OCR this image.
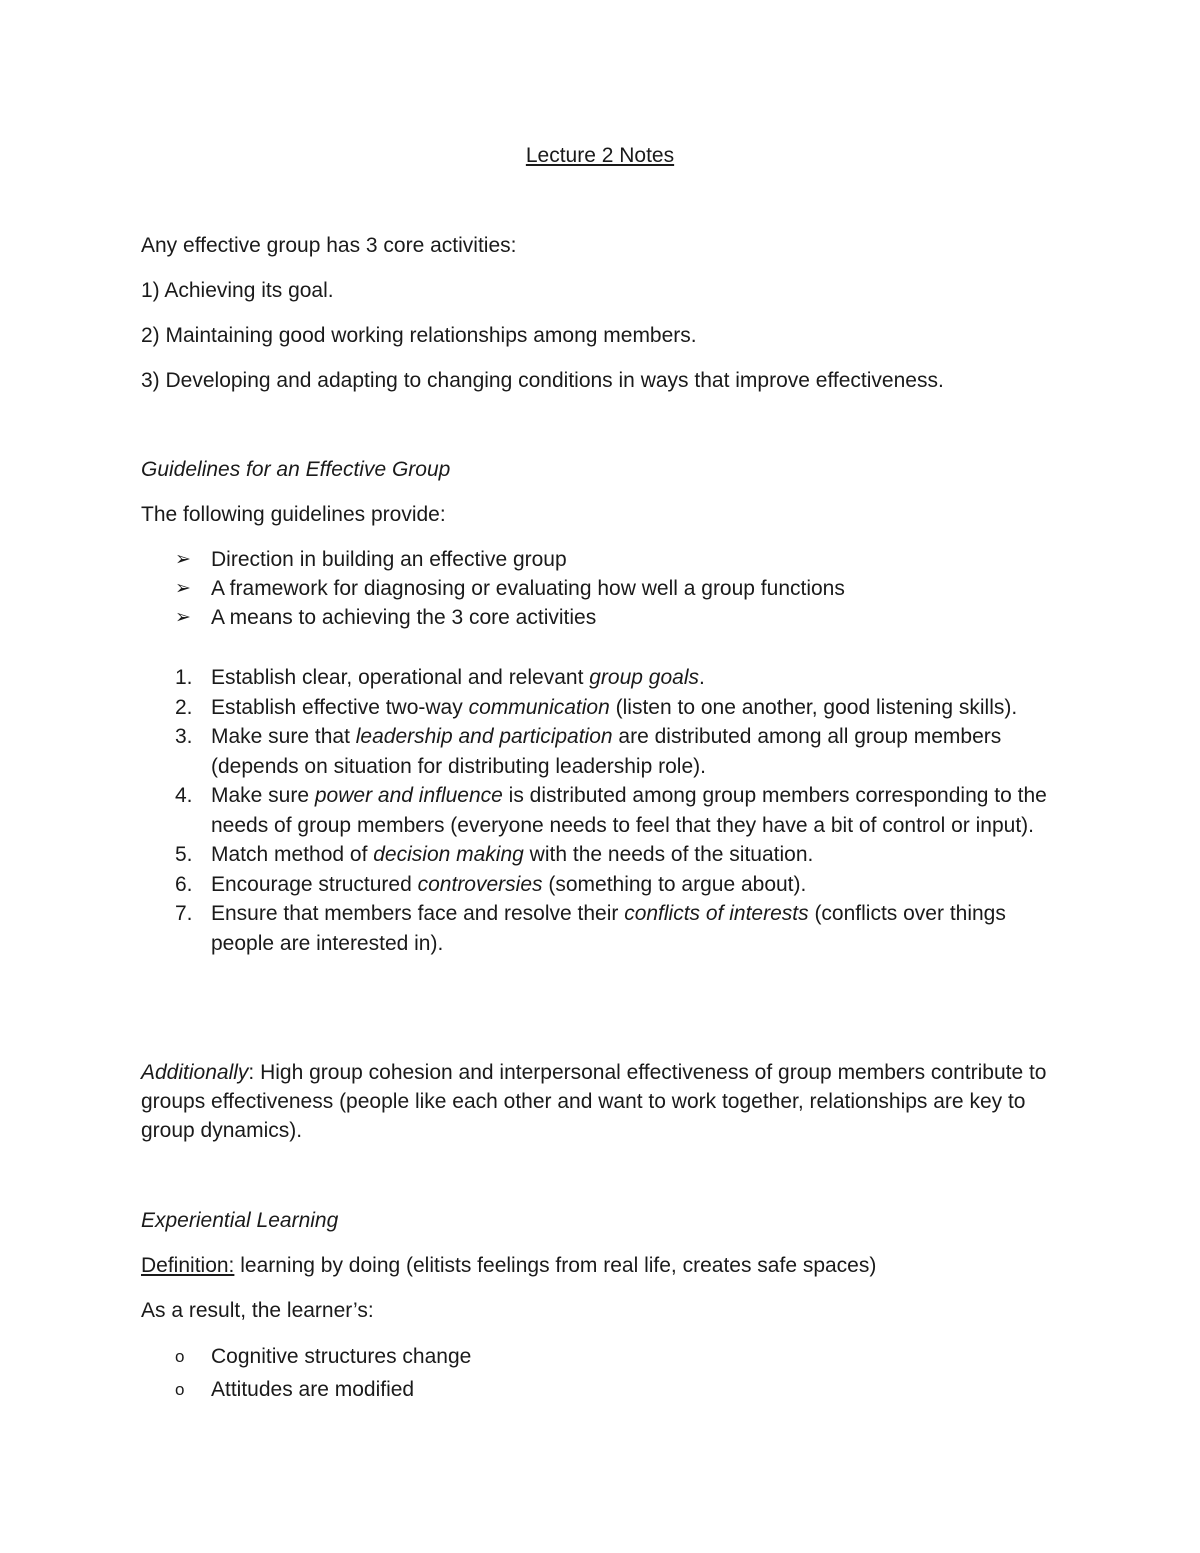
Lecture 2 Notes

Any effective group has 3 core activities:

1) Achieving its goal.
2) Maintaining good working relationships among members.
3) Developing and adapting to changing conditions in ways that improve effectiveness.

Guidelines for an Effective Group

The following guidelines provide:

➢ Direction in building an effective group
➢ A framework for diagnosing or evaluating how well a group functions
➢ A means to achieving the 3 core activities
1. Establish clear, operational and relevant group goals.
2. Establish effective two-way communication (listen to one another, good listening skills).
3. Make sure that leadership and participation are distributed among all group members (depends on situation for distributing leadership role).
4. Make sure power and influence is distributed among group members corresponding to the needs of group members (everyone needs to feel that they have a bit of control or input).
5. Match method of decision making with the needs of the situation.
6. Encourage structured controversies (something to argue about).
7. Ensure that members face and resolve their conflicts of interests (conflicts over things people are interested in).

Additionally: High group cohesion and interpersonal effectiveness of group members contribute to groups effectiveness (people like each other and want to work together, relationships are key to group dynamics).

Experiential Learning

Definition: learning by doing (elitists feelings from real life, creates safe spaces)

As a result, the learner’s:

o Cognitive structures change
o Attitudes are modified
